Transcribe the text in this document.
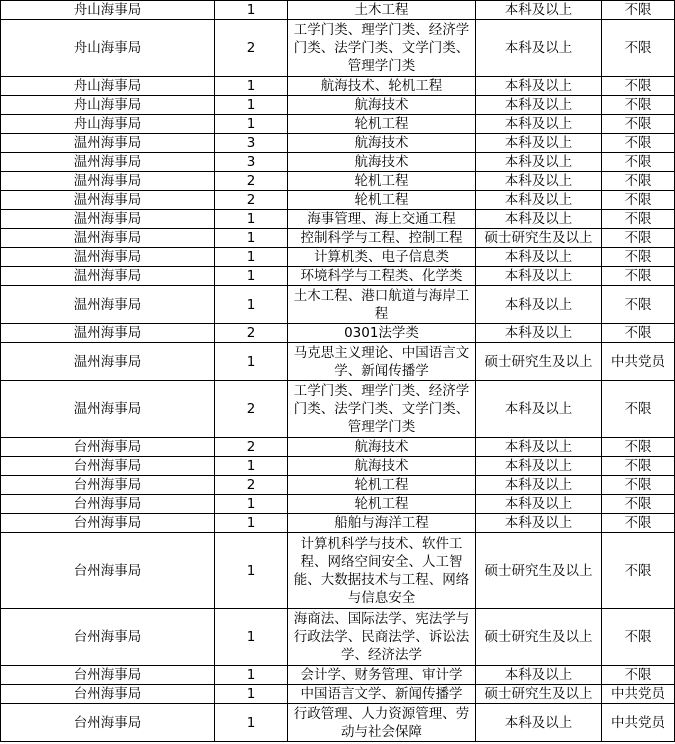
舟山海事局	1	土木工程	本科及以上	不限
舟山海事局	2	工学门类、理学门类、经济学门类、法学门类、文学门类、管理学门类	本科及以上	不限
舟山海事局	1	航海技术、轮机工程	本科及以上	不限
舟山海事局	1	航海技术	本科及以上	不限
舟山海事局	1	轮机工程	本科及以上	不限
温州海事局	3	航海技术	本科及以上	不限
温州海事局	3	航海技术	本科及以上	不限
温州海事局	2	轮机工程	本科及以上	不限
温州海事局	2	轮机工程	本科及以上	不限
温州海事局	1	海事管理、海上交通工程	本科及以上	不限
温州海事局	1	控制科学与工程、控制工程	硕士研究生及以上	不限
温州海事局	1	计算机类、电子信息类	本科及以上	不限
温州海事局	1	环境科学与工程类、化学类	本科及以上	不限
温州海事局	1	土木工程、港口航道与海岸工程	本科及以上	不限
温州海事局	2	0301法学类	本科及以上	不限
温州海事局	1	马克思主义理论、中国语言文学、新闻传播学	硕士研究生及以上	中共党员
温州海事局	2	工学门类、理学门类、经济学门类、法学门类、文学门类、管理学门类	本科及以上	不限
台州海事局	2	航海技术	本科及以上	不限
台州海事局	1	航海技术	本科及以上	不限
台州海事局	2	轮机工程	本科及以上	不限
台州海事局	1	轮机工程	本科及以上	不限
台州海事局	1	船舶与海洋工程	本科及以上	不限
台州海事局	1	计算机科学与技术、软件工程、网络空间安全、人工智能、大数据技术与工程、网络与信息安全	硕士研究生及以上	不限
台州海事局	1	海商法、国际法学、宪法学与行政法学、民商法学、诉讼法学、经济法学	硕士研究生及以上	不限
台州海事局	1	会计学、财务管理、审计学	本科及以上	不限
台州海事局	1	中国语言文学、新闻传播学	硕士研究生及以上	中共党员
台州海事局	1	行政管理、人力资源管理、劳动与社会保障	本科及以上	中共党员
